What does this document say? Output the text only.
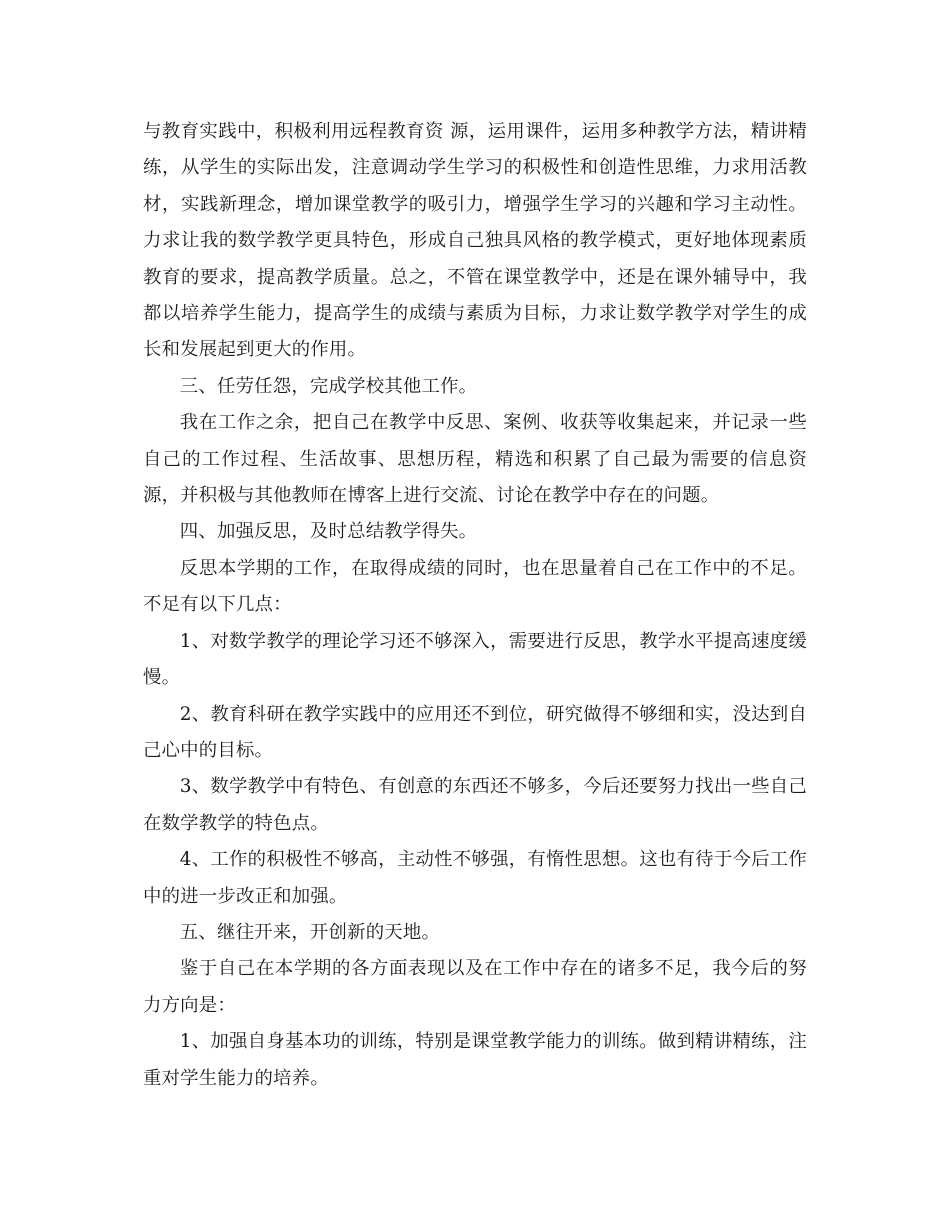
与教育实践中，积极利用远程教育资 源，运用课件，运用多种教学方法，精讲精练，从学生的实际出发，注意调动学生学习的积极性和创造性思维，力求用活教材，实践新理念，增加课堂教学的吸引力，增强学生学习的兴趣和学习主动性。力求让我的数学教学更具特色，形成自己独具风格的教学模式，更好地体现素质教育的要求，提高教学质量。总之，不管在课堂教学中，还是在课外辅导中，我都以培养学生能力，提高学生的成绩与素质为目标，力求让数学教学对学生的成长和发展起到更大的作用。

三、任劳任怨，完成学校其他工作。

我在工作之余，把自己在教学中反思、案例、收获等收集起来，并记录一些自己的工作过程、生活故事、思想历程，精选和积累了自己最为需要的信息资源，并积极与其他教师在博客上进行交流、讨论在教学中存在的问题。

四、加强反思，及时总结教学得失。

反思本学期的工作，在取得成绩的同时，也在思量着自己在工作中的不足。不足有以下几点：

1、对数学教学的理论学习还不够深入，需要进行反思，教学水平提高速度缓慢。

2、教育科研在教学实践中的应用还不到位，研究做得不够细和实，没达到自己心中的目标。

3、数学教学中有特色、有创意的东西还不够多，今后还要努力找出一些自己在数学教学的特色点。

4、工作的积极性不够高，主动性不够强，有惰性思想。这也有待于今后工作中的进一步改正和加强。

五、继往开来，开创新的天地。

鉴于自己在本学期的各方面表现以及在工作中存在的诸多不足，我今后的努力方向是：

1、加强自身基本功的训练，特别是课堂教学能力的训练。做到精讲精练，注重对学生能力的培养。
